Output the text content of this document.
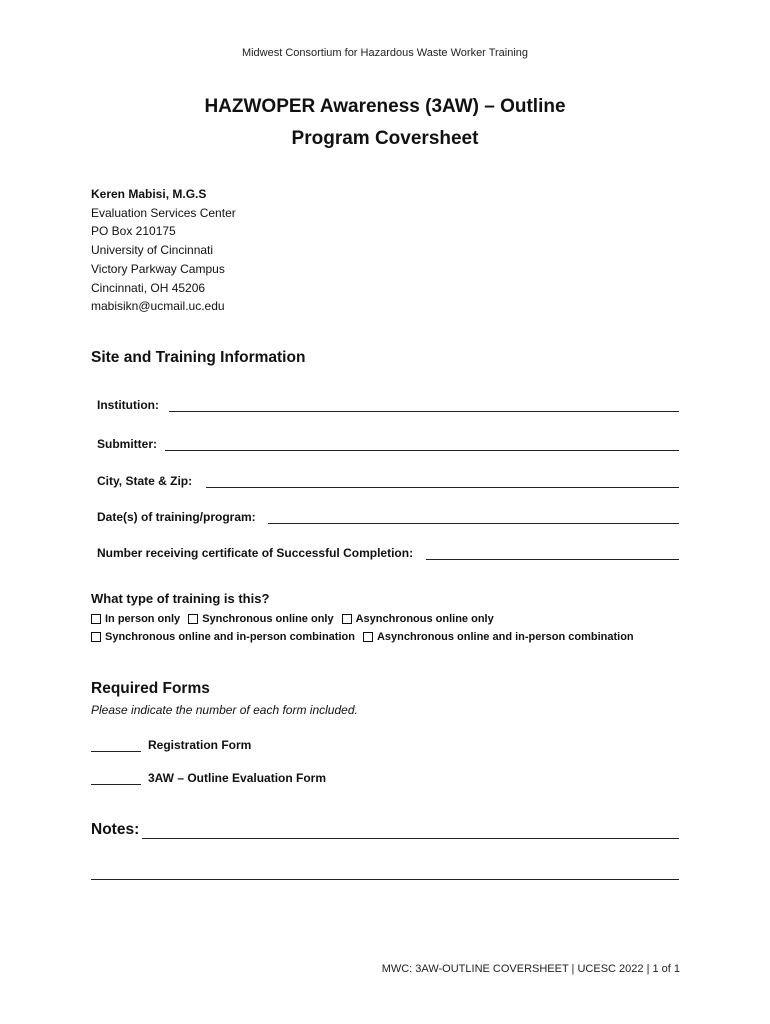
Midwest Consortium for Hazardous Waste Worker Training
HAZWOPER Awareness (3AW) – Outline
Program Coversheet
Keren Mabisi, M.G.S
Evaluation Services Center
PO Box 210175
University of Cincinnati
Victory Parkway Campus
Cincinnati, OH 45206
mabisikn@ucmail.uc.edu
Site and Training Information
Institution:
Submitter:
City, State & Zip:
Date(s) of training/program:
Number receiving certificate of Successful Completion:
What type of training is this?
In person only Synchronous online only Asynchronous online only
Synchronous online and in-person combination Asynchronous online and in-person combination
Required Forms
Please indicate the number of each form included.
Registration Form
3AW – Outline Evaluation Form
Notes:
MWC: 3AW-OUTLINE COVERSHEET | UCESC 2022 | 1 of 1
